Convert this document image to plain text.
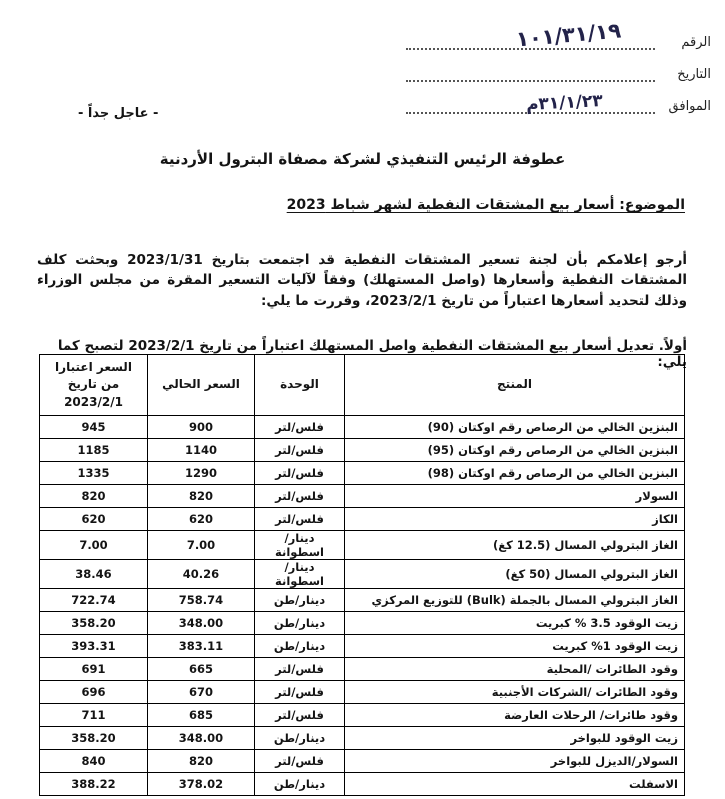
الرقم
١٠١/٣١/١٩
التاريخ
الموافق
٣١/١/٢٣م
- عاجل جداً -
عطوفة الرئيس التنفيذي لشركة مصفاة البترول الأردنية
الموضوع: أسعار بيع المشتقات النفطية لشهر شباط 2023

أرجو إعلامكم بأن لجنة تسعير المشتقات النفطية قد اجتمعت بتاريخ 2023/1/31 وبحثت كلف المشتقات النفطية وأسعارها (واصل المستهلك) وفقاً لآليات التسعير المقرة من مجلس الوزراء وذلك لتحديد أسعارها اعتباراً من تاريخ 2023/2/1، وقررت ما يلي:

أولاً. تعديل أسعار بيع المشتقات النفطية واصل المستهلك اعتباراً من تاريخ 2023/2/1 لتصبح كما يلي:

المنتج	الوحدة	السعر الحالي	السعر اعتبارا من تاريخ 2023/2/1
البنزين الخالي من الرصاص رقم اوكتان (90)	فلس/لتر	900	945
البنزين الخالي من الرصاص رقم اوكتان (95)	فلس/لتر	1140	1185
البنزين الخالي من الرصاص رقم اوكتان (98)	فلس/لتر	1290	1335
السولار	فلس/لتر	820	820
الكاز	فلس/لتر	620	620
الغاز البترولي المسال (12.5 كغ)	دينار/اسطوانة	7.00	7.00
الغاز البترولي المسال (50 كغ)	دينار/اسطوانة	40.26	38.46
الغاز البترولي المسال بالجملة (Bulk) للتوزيع المركزي	دينار/طن	758.74	722.74
زيت الوقود 3.5 % كبريت	دينار/طن	348.00	358.20
زيت الوقود 1% كبريت	دينار/طن	383.11	393.31
وقود الطائرات /المحلية	فلس/لتر	665	691
وقود الطائرات /الشركات الأجنبية	فلس/لتر	670	696
وقود طائرات/ الرحلات العارضة	فلس/لتر	685	711
زيت الوقود للبواخر	دينار/طن	348.00	358.20
السولار/الديزل للبواخر	فلس/لتر	820	840
الاسفلت	دينار/طن	378.02	388.22
